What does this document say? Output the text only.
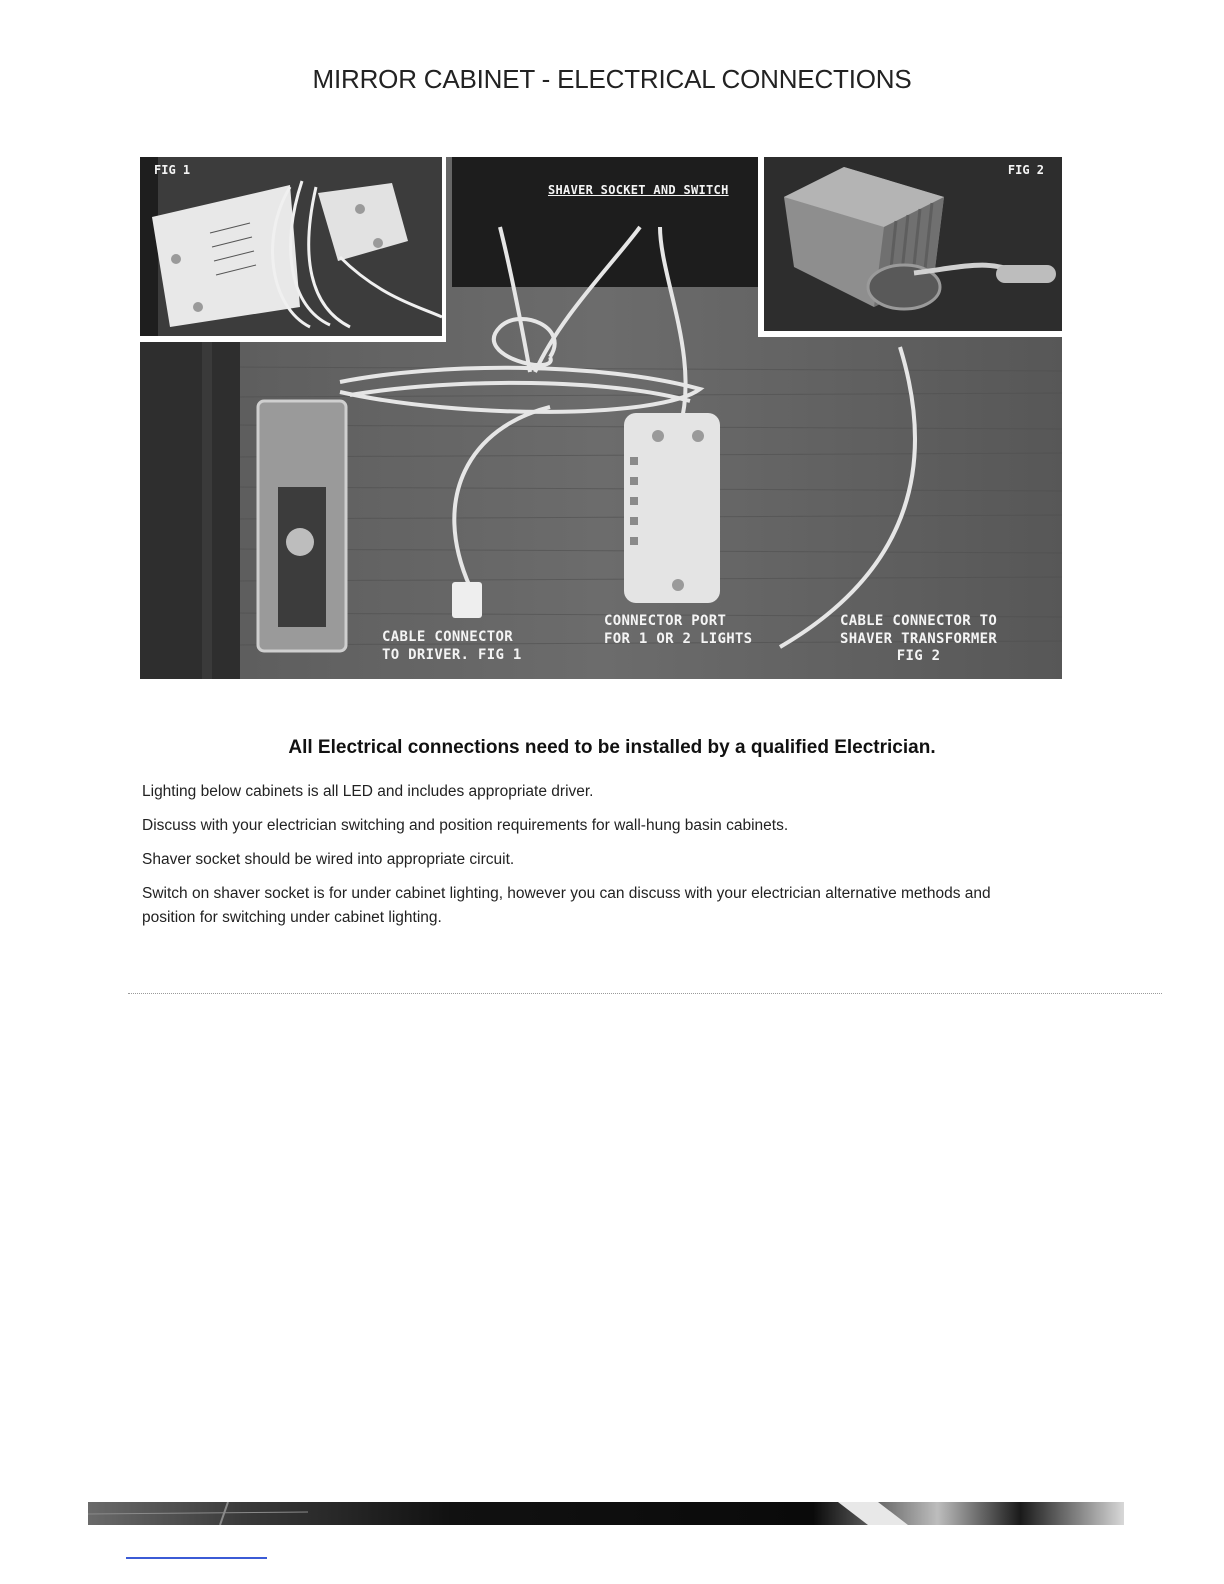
MIRROR CABINET - ELECTRICAL CONNECTIONS
FIG 1	FIG 2
SHAVER SOCKET AND SWITCH
CABLE CONNECTOR
TO DRIVER. FIG 1
CONNECTOR PORT
FOR 1 OR 2 LIGHTS
CABLE CONNECTOR TO
SHAVER TRANSFORMER
FIG 2
All Electrical connections need to be installed by a qualified Electrician.
Lighting below cabinets is all LED and includes appropriate driver.
Discuss with your electrician switching and position requirements for wall-hung basin cabinets.
Shaver socket should be wired into appropriate circuit.
Switch on shaver socket is for under cabinet lighting, however you can discuss with your electrician alternative methods and position for switching under cabinet lighting.
